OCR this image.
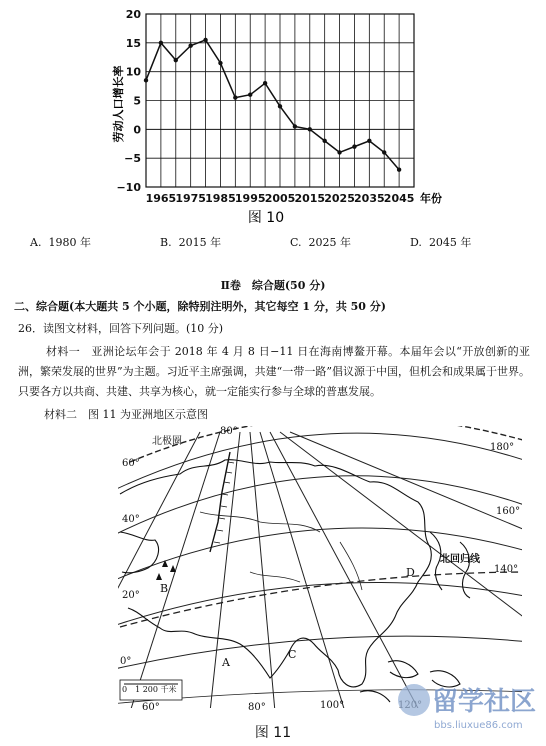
20
15
10
5
0
−5
−10
1965 1975 1985 1995 2005 2015 2025 2035 2045
劳动人口增长率
年份
图 10
A. 1980 年	B. 2015 年	C. 2025 年	D. 2045 年
Ⅱ卷　综合题(50 分)
二、综合题(本大题共 5 个小题，除特别注明外，其它每空 1 分，共 50 分)
26．读图文材料，回答下列问题。(10 分)
材料一　亚洲论坛年会于 2018 年 4 月 8 日−11 日在海南博鳌开幕。本届年会以“开放创新的亚洲，繁荣发展的世界”为主题。习近平主席强调，共建“一带一路”倡议源于中国，但机会和成果属于世界。只要各方以共商、共建、共享为核心，就一定能实行参与全球的普惠发展。
材料二　图 11 为亚洲地区示意图
北极圈
北回归线
0　1 200 千米
80°
60°
40°
20°
0°
60°	80°	100°
140°
160°
180°
A
B
C
D
图 11
留学社区
bbs.liuxue86.com
